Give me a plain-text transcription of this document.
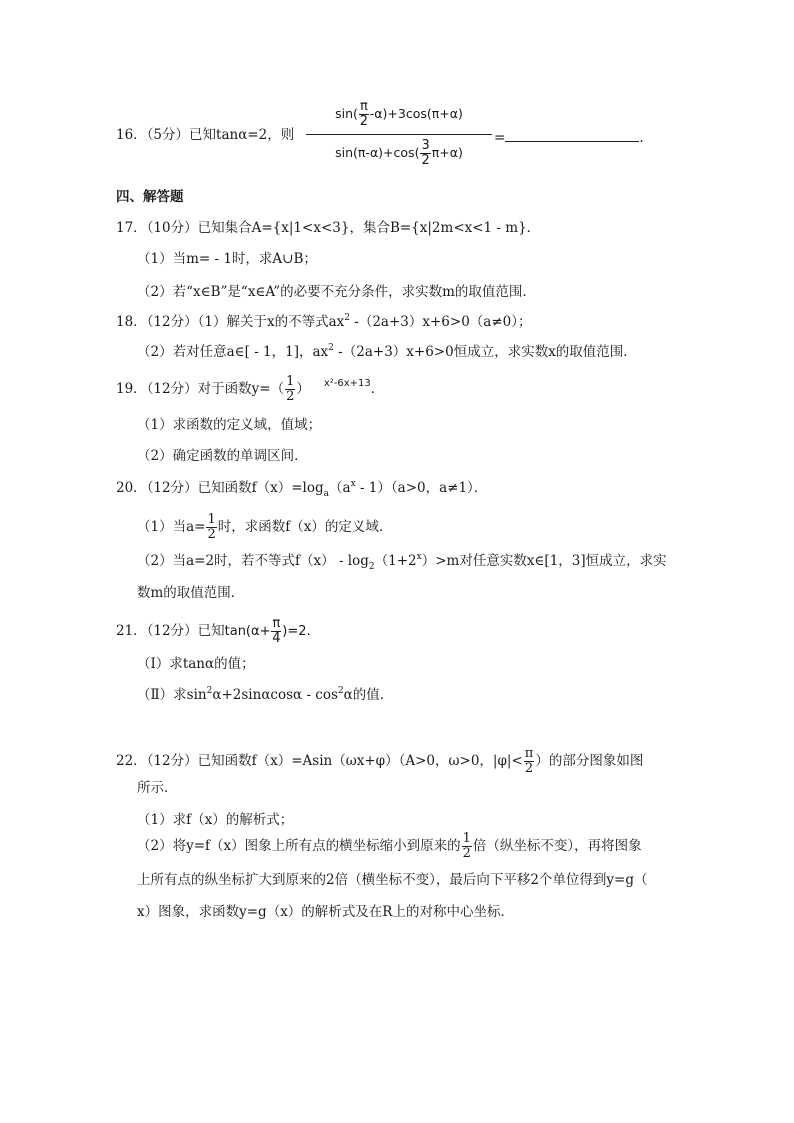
16．（5分）已知tanα=2，则 $\frac{\sin( \frac{\pi}{2} -\alpha)+3\cos(\pi+\alpha)}{\sin(\pi-\alpha)+\cos( \frac{3}{2} \pi+\alpha)}$ =	.
四、解答题
17．（10分）已知集合A={x|1<x<3}，集合B={x|2m<x<1 - m}．
（1）当m= - 1时，求A∪B；
（2）若“x∈B”是“x∈A”的必要不充分条件，求实数m的取值范围．
18．（12分）（1）解关于x的不等式$ax^2$ -（2a+3）x+6>0（a≠0）；
（2）若对任意a∈[ - 1，1]，$ax^2$ -（2a+3）x+6>0恒成立，求实数x的取值范围．
19．（12分）对于函数$y=( \frac{1}{2}$ ） $^{x^2-6x+13}$．
（1）求函数的定义域，值域；
（2）确定函数的单调区间．
20．（12分）已知函数$f(x)=\log_a(a^x - 1)(a>0$，a≠1）．
（1）当$a= \frac{1}{2}$ 时，求函数f（x）的定义域．
（2）当a=2时，若不等式$f(x) - \log_2(1+2^x)>m$对任意实数x∈[1，3]恒成立，求实
数m的取值范围．
21．（12分）已知$\tan(\alpha+ \frac{\pi}{4} )=2$．
（Ⅰ）求tanα的值；
（Ⅱ）求$\sin^2\alpha+2\sin\alpha\cos\alpha - \cos^2\alpha$的值．
22．（12分）已知函数f（x）=Asin（ωx+φ）（A>0，ω>0，$|\varphi|< \frac{\pi}{2}$ ）的部分图象如图
所示．
（1）求f（x）的解析式；
（2）将y=f（x）图象上所有点的横坐标缩小到原来的 $\frac{1}{2}$ 倍（纵坐标不变），再将图象
上所有点的纵坐标扩大到原来的2倍（横坐标不变），最后向下平移2个单位得到y=g（
x）图象，求函数y=g（x）的解析式及在R上的对称中心坐标．
